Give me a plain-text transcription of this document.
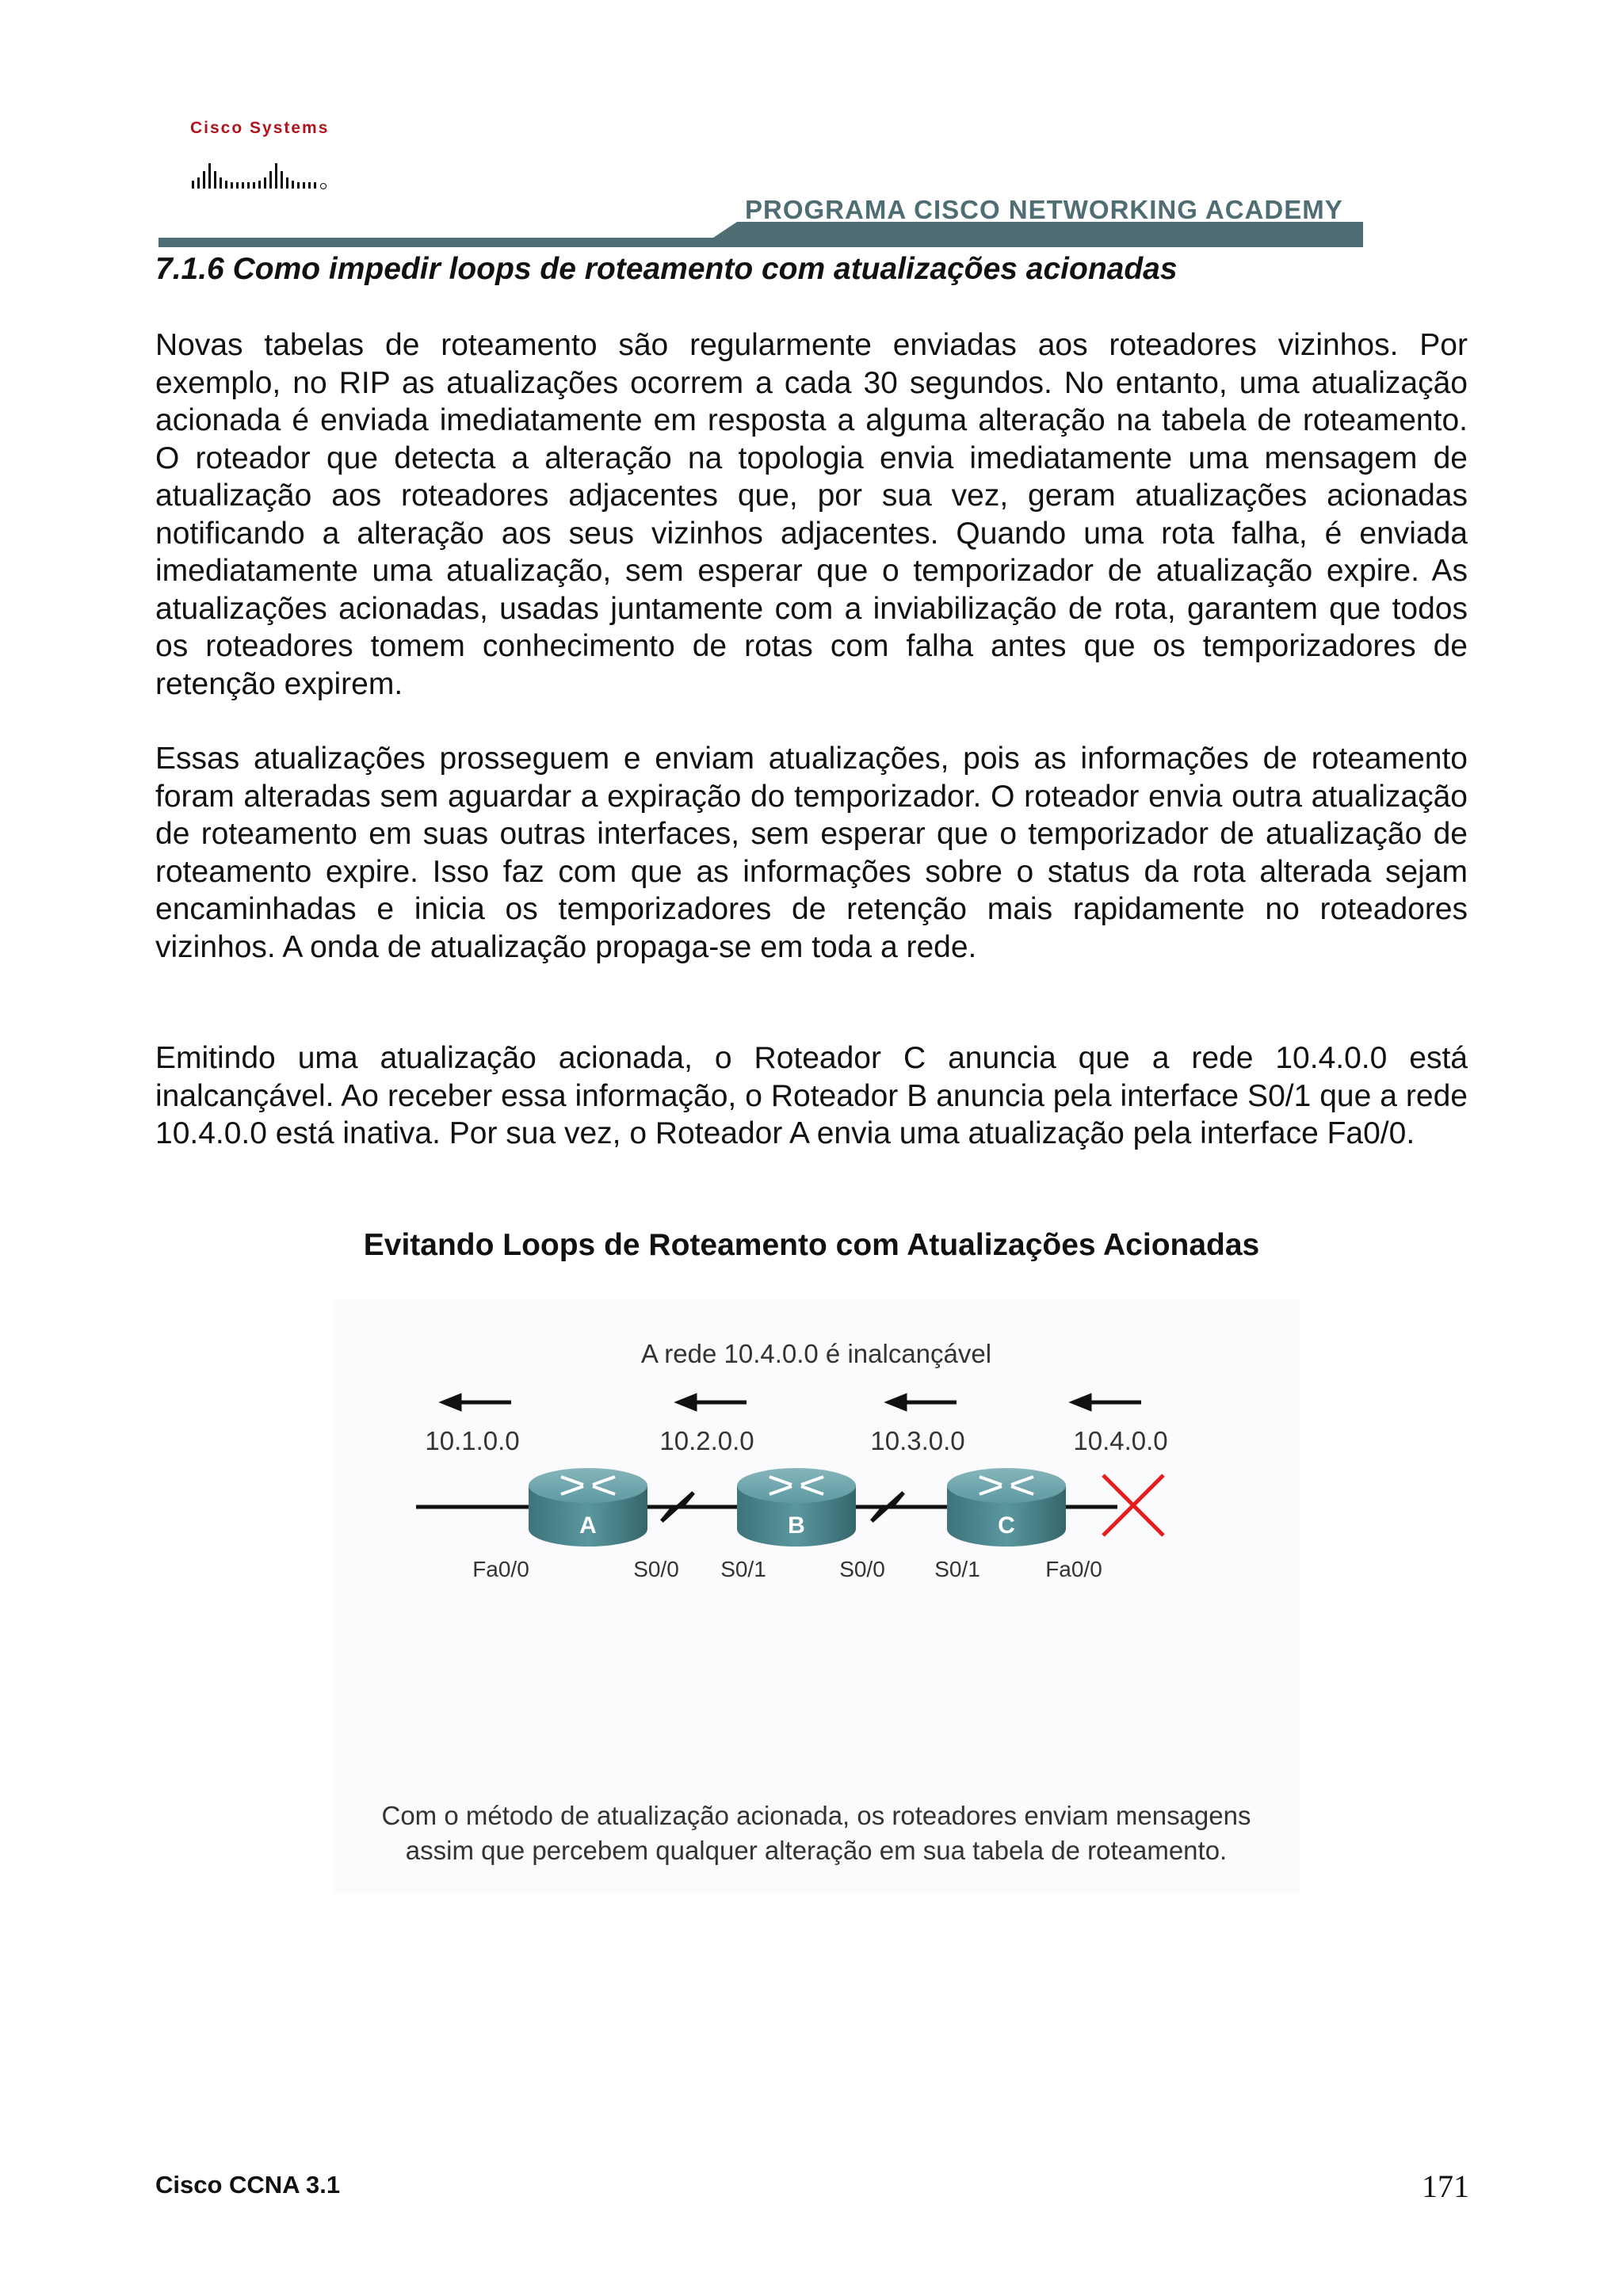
Cisco Systems
PROGRAMA CISCO NETWORKING ACADEMY
7.1.6 Como impedir loops de roteamento com atualizações acionadas
Novas tabelas de roteamento são regularmente enviadas aos roteadores vizinhos. Por exemplo, no RIP as atualizações ocorrem a cada 30 segundos. No entanto, uma atualização acionada é enviada imediatamente em resposta a alguma alteração na tabela de roteamento. O roteador que detecta a alteração na topologia envia imediatamente uma mensagem de atualização aos roteadores adjacentes que, por sua vez, geram atualizações acionadas notificando a alteração aos seus vizinhos adjacentes. Quando uma rota falha, é enviada imediatamente uma atualização, sem esperar que o temporizador de atualização expire. As atualizações acionadas, usadas juntamente com a inviabilização de rota, garantem que todos os roteadores tomem conhecimento de rotas com falha antes que os temporizadores de retenção expirem.
Essas atualizações prosseguem e enviam atualizações, pois as informações de roteamento foram alteradas sem aguardar a expiração do temporizador. O roteador envia outra atualização de roteamento em suas outras interfaces, sem esperar que o temporizador de atualização de roteamento expire. Isso faz com que as informações sobre o status da rota alterada sejam encaminhadas e inicia os temporizadores de retenção mais rapidamente no roteadores vizinhos. A onda de atualização propaga-se em toda a rede.
Emitindo uma atualização acionada, o Roteador C anuncia que a rede 10.4.0.0 está inalcançável. Ao receber essa informação, o Roteador B anuncia pela interface S0/1 que a rede 10.4.0.0 está inativa. Por sua vez, o Roteador A envia uma atualização pela interface Fa0/0.
Evitando Loops de Roteamento com Atualizações Acionadas
A rede 10.4.0.0 é inalcançável
10.1.0.0	10.2.0.0	10.3.0.0	10.4.0.0
A	B	C
Fa0/0	S0/0 S0/1	S0/0 S0/1	Fa0/0
Com o método de atualização acionada, os roteadores enviam mensagens
assim que percebem qualquer alteração em sua tabela de roteamento.
Cisco CCNA 3.1	171
